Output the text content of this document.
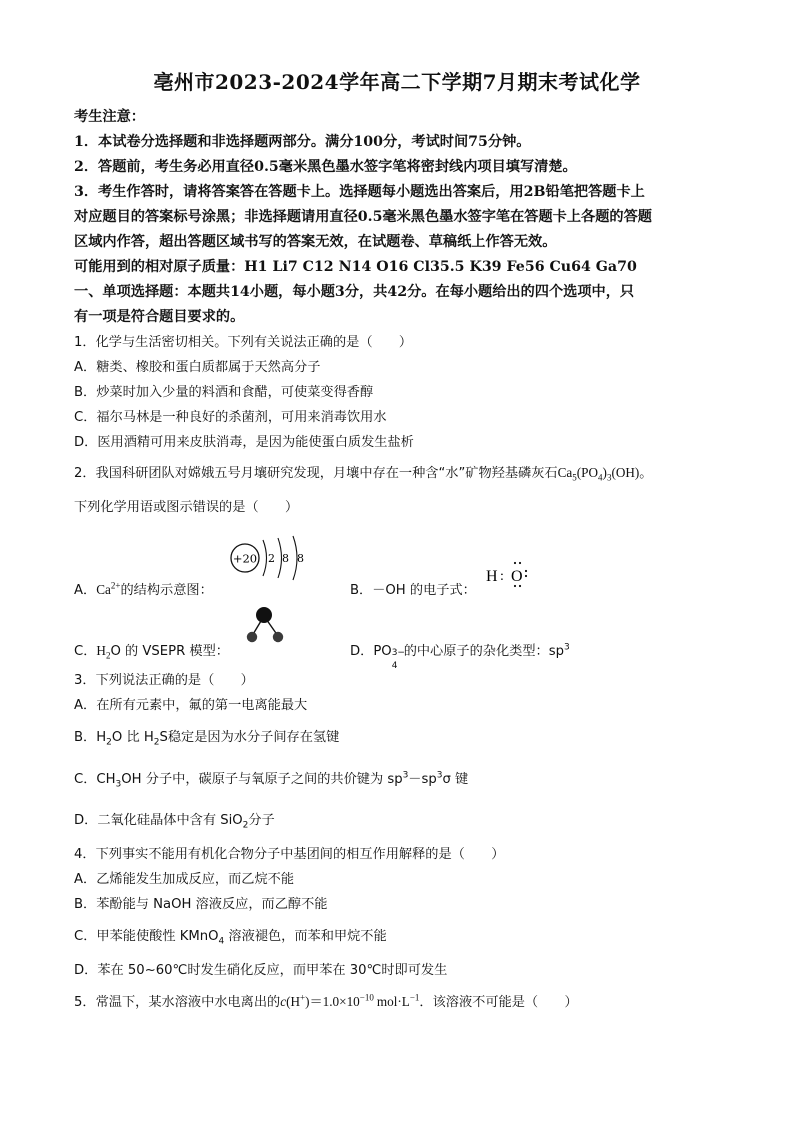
亳州市2023-2024学年高二下学期7月期末考试化学
考生注意：
1．本试卷分选择题和非选择题两部分。满分100分，考试时间75分钟。
2．答题前，考生务必用直径0.5毫米黑色墨水签字笔将密封线内项目填写清楚。
3．考生作答时，请将答案答在答题卡上。选择题每小题选出答案后，用2B铅笔把答题卡上
对应题目的答案标号涂黑；非选择题请用直径0.5毫米黑色墨水签字笔在答题卡上各题的答题
区域内作答，超出答题区域书写的答案无效，在试题卷、草稿纸上作答无效。
可能用到的相对原子质量：H1 Li7 C12 N14 O16 Cl35.5 K39 Fe56 Cu64 Ga70
一、单项选择题：本题共14小题，每小题3分，共42分。在每小题给出的四个选项中，只
有一项是符合题目要求的。
1．化学与生活密切相关。下列有关说法正确的是（　　）
A．糖类、橡胶和蛋白质都属于天然高分子
B．炒菜时加入少量的料酒和食醋，可使菜变得香醇
C．福尔马林是一种良好的杀菌剂，可用来消毒饮用水
D．医用酒精可用来皮肤消毒，是因为能使蛋白质发生盐析
2．我国科研团队对嫦娥五号月壤研究发现，月壤中存在一种含“水”矿物羟基磷灰石$Ca_5(PO_4)_3(OH)$。
下列化学用语或图示错误的是（　　）
+20 2 8 8
A．$Ca^{2+}$的结构示意图：	B．－OH 的电子式：
H : O
C．$H_2O$ 的 VSEPR 模型：	D．PO 3−
4
的中心原子的杂化类型：$sp^3$
3．下列说法正确的是（　　）
A．在所有元素中，氟的第一电离能最大
B．$H_2O$ 比 $H_2S$稳定是因为水分子间存在氢键
C．$CH_3OH$ 分子中，碳原子与氧原子之间的共价键为 $sp^3-sp^3\sigma$ 键
D．二氧化硅晶体中含有 SiO$_2$分子
4．下列事实不能用有机化合物分子中基团间的相互作用解释的是（　　）
A．乙烯能发生加成反应，而乙烷不能
B．苯酚能与 NaOH 溶液反应，而乙醇不能
C．甲苯能使酸性 KMnO$_4$ 溶液褪色，而苯和甲烷不能
D．苯在 50~60℃时发生硝化反应，而甲苯在 30℃时即可发生
5．常温下，某水溶液中水电离出的$c(H^+)=1.0\times 10^{-10}$ $mol\cdot L^{-1}$．该溶液不可能是（　　）
